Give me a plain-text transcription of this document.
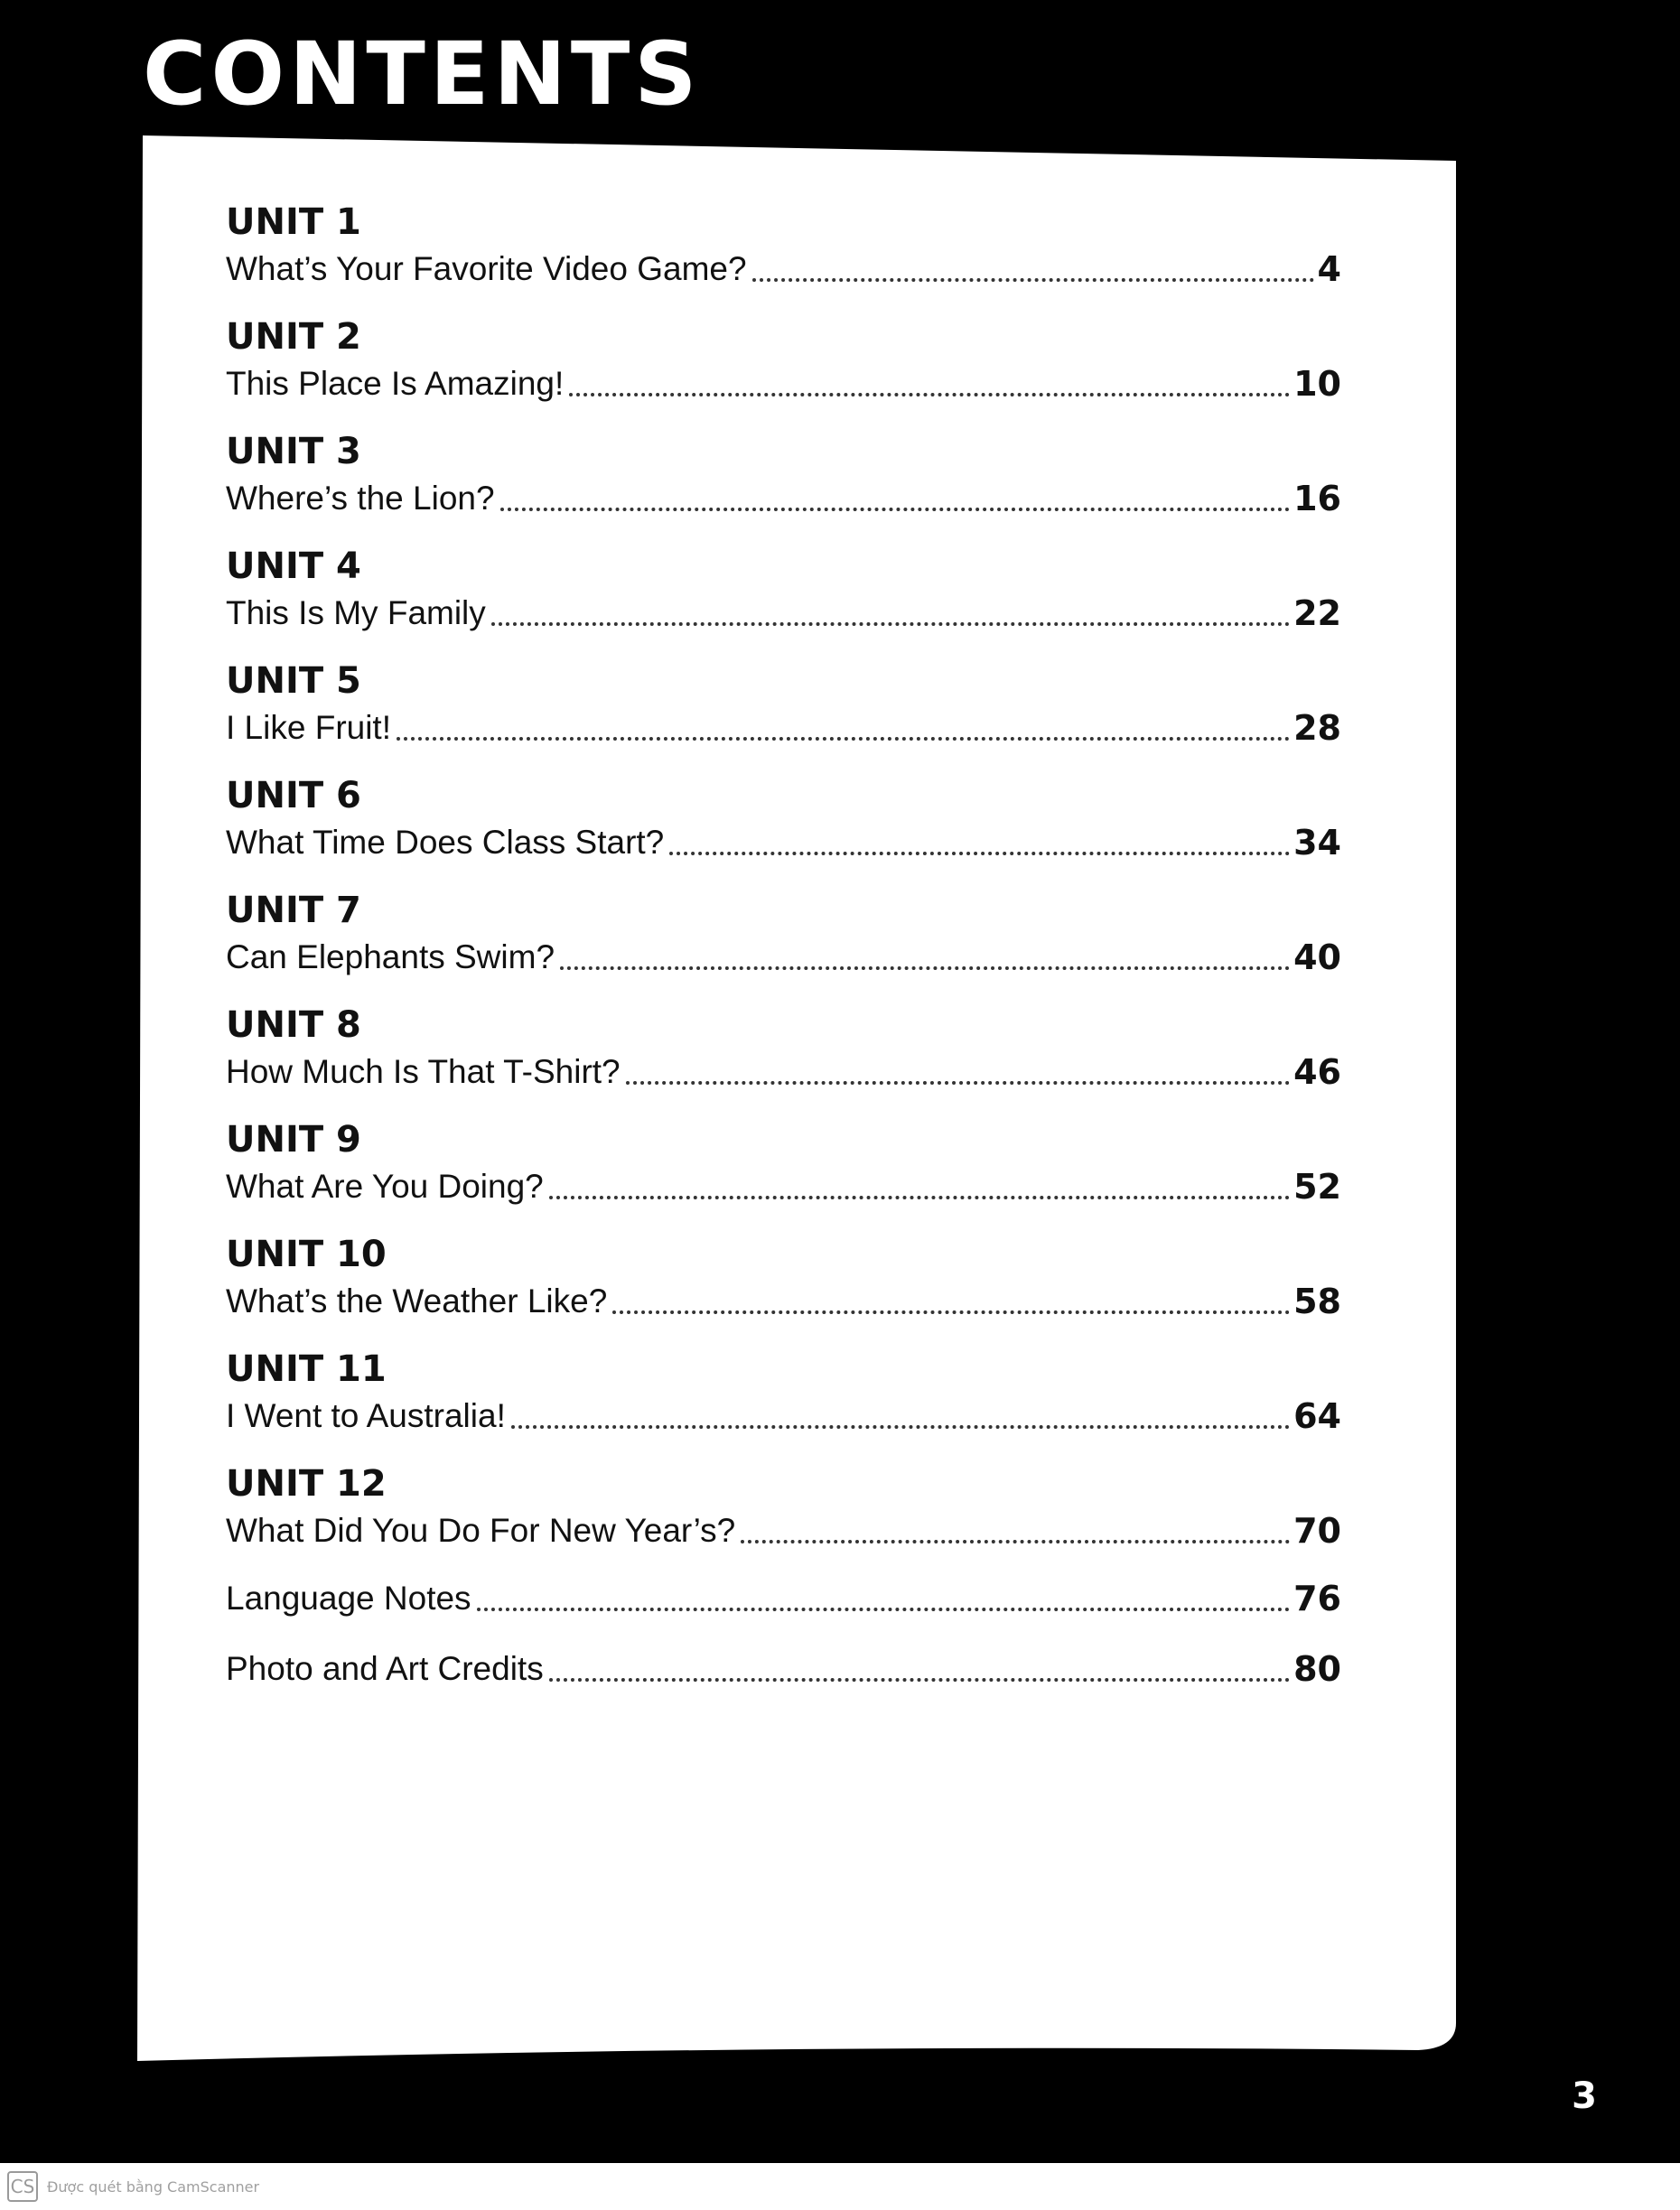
CONTENTS
UNIT 1
What’s Your Favorite Video Game?	4
UNIT 2
This Place Is Amazing!	10
UNIT 3
Where’s the Lion?	16
UNIT 4
This Is My Family	22
UNIT 5
I Like Fruit!	28
UNIT 6
What Time Does Class Start?	34
UNIT 7
Can Elephants Swim?	40
UNIT 8
How Much Is That T-Shirt?	46
UNIT 9
What Are You Doing?	52
UNIT 10
What’s the Weather Like?	58
UNIT 11
I Went to Australia!	64
UNIT 12
What Did You Do For New Year’s?	70
Language Notes	76
Photo and Art Credits	80
3
CS Được quét bằng CamScanner
